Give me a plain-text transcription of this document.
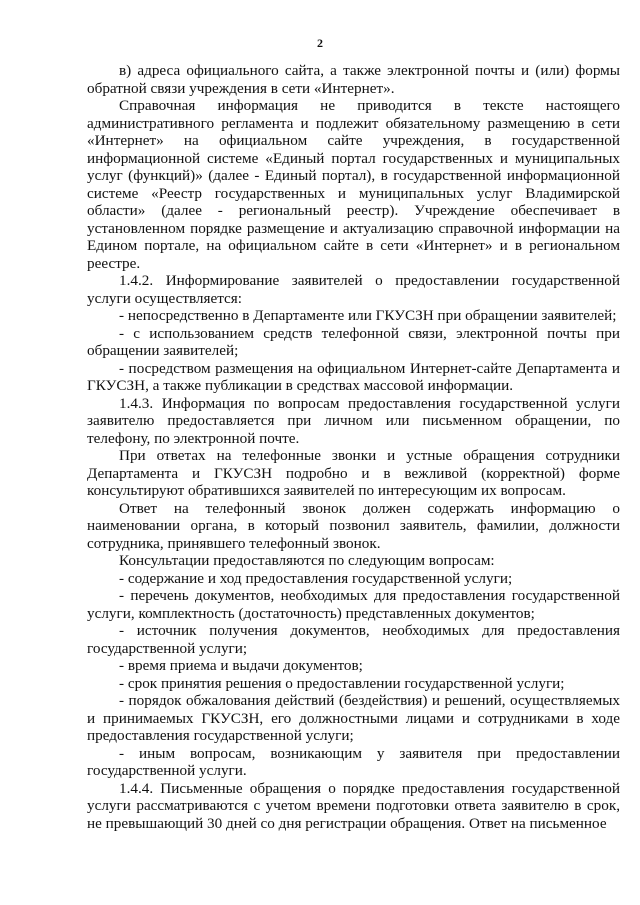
2

в) адреса официального сайта, а также электронной почты и (или) формы обратной связи учреждения в сети «Интернет».

Справочная информация не приводится в тексте настоящего административного регламента и подлежит обязательному размещению в сети «Интернет» на официальном сайте учреждения, в государственной информационной системе «Единый портал государственных и муниципальных услуг (функций)» (далее - Единый портал), в государственной информационной системе «Реестр государственных и муниципальных услуг Владимирской области» (далее - региональный реестр). Учреждение обеспечивает в установленном порядке размещение и актуализацию справочной информации на Едином портале, на официальном сайте в сети «Интернет» и в региональном реестре.

1.4.2. Информирование заявителей о предоставлении государственной услуги осуществляется:

- непосредственно в Департаменте или ГКУСЗН при обращении заявителей;

- с использованием средств телефонной связи, электронной почты при обращении заявителей;

- посредством размещения на официальном Интернет-сайте Департамента и ГКУСЗН, а также публикации в средствах массовой информации.

1.4.3. Информация по вопросам предоставления государственной услуги заявителю предоставляется при личном или письменном обращении, по телефону, по электронной почте.

При ответах на телефонные звонки и устные обращения сотрудники Департамента и ГКУСЗН подробно и в вежливой (корректной) форме консультируют обратившихся заявителей по интересующим их вопросам.

Ответ на телефонный звонок должен содержать информацию о наименовании органа, в который позвонил заявитель, фамилии, должности сотрудника, принявшего телефонный звонок.

Консультации предоставляются по следующим вопросам:

- содержание и ход предоставления государственной услуги;

- перечень документов, необходимых для предоставления государственной услуги, комплектность (достаточность) представленных документов;

- источник получения документов, необходимых для предоставления государственной услуги;

- время приема и выдачи документов;

- срок принятия решения о предоставлении государственной услуги;

- порядок обжалования действий (бездействия) и решений, осуществляемых и принимаемых ГКУСЗН, его должностными лицами и сотрудниками в ходе предоставления государственной услуги;

- иным вопросам, возникающим у заявителя при предоставлении государственной услуги.

1.4.4. Письменные обращения о порядке предоставления государственной услуги рассматриваются с учетом времени подготовки ответа заявителю в срок, не превышающий 30 дней со дня регистрации обращения. Ответ на письменное
